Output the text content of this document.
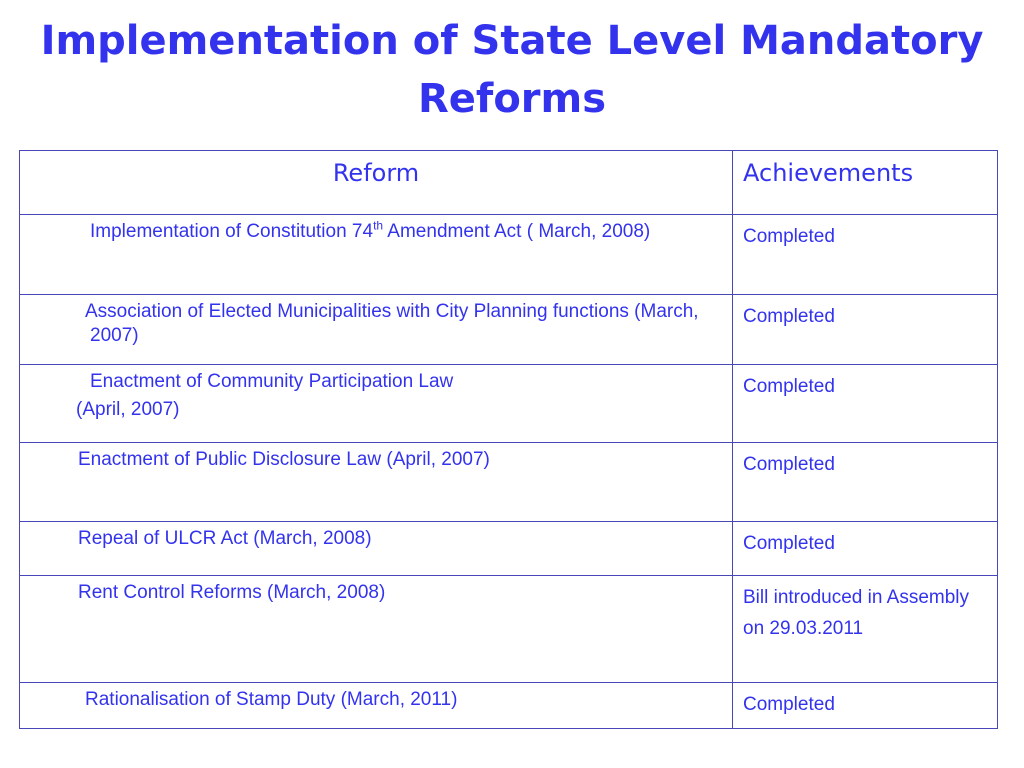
Implementation of State Level Mandatory Reforms
Reform	Achievements

Implementation of Constitution 74th Amendment Act ( March, 2008)	Completed

Association of Elected Municipalities with City Planning functions (March, 2007)	Completed

Enactment of Community Participation Law
(April, 2007)	Completed

Enactment of Public Disclosure Law (April, 2007)	Completed

Repeal of ULCR Act (March, 2008)	Completed

Rent Control Reforms (March, 2008)	Bill introduced in Assembly on 29.03.2011

Rationalisation of Stamp Duty (March, 2011)	Completed
